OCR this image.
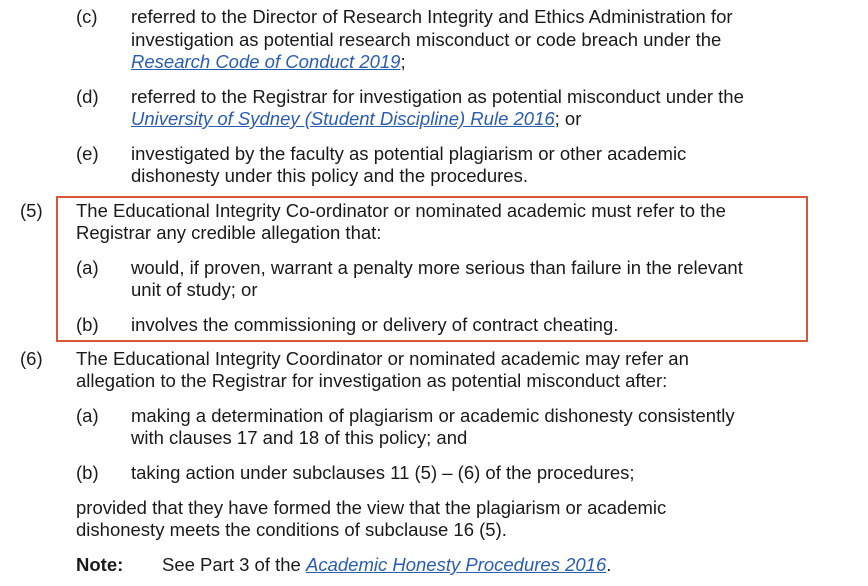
(c) referred to the Director of Research Integrity and Ethics Administration for
investigation as potential research misconduct or code breach under the
Research Code of Conduct 2019;
(d) referred to the Registrar for investigation as potential misconduct under the
University of Sydney (Student Discipline) Rule 2016; or
(e) investigated by the faculty as potential plagiarism or other academic
dishonesty under this policy and the procedures.
(5) The Educational Integrity Co-ordinator or nominated academic must refer to the
Registrar any credible allegation that:
(a) would, if proven, warrant a penalty more serious than failure in the relevant
unit of study; or
(b) involves the commissioning or delivery of contract cheating.
(6) The Educational Integrity Coordinator or nominated academic may refer an
allegation to the Registrar for investigation as potential misconduct after:
(a) making a determination of plagiarism or academic dishonesty consistently
with clauses 17 and 18 of this policy; and
(b) taking action under subclauses 11 (5) – (6) of the procedures;
provided that they have formed the view that the plagiarism or academic
dishonesty meets the conditions of subclause 16 (5).
Note: See Part 3 of the Academic Honesty Procedures 2016.
